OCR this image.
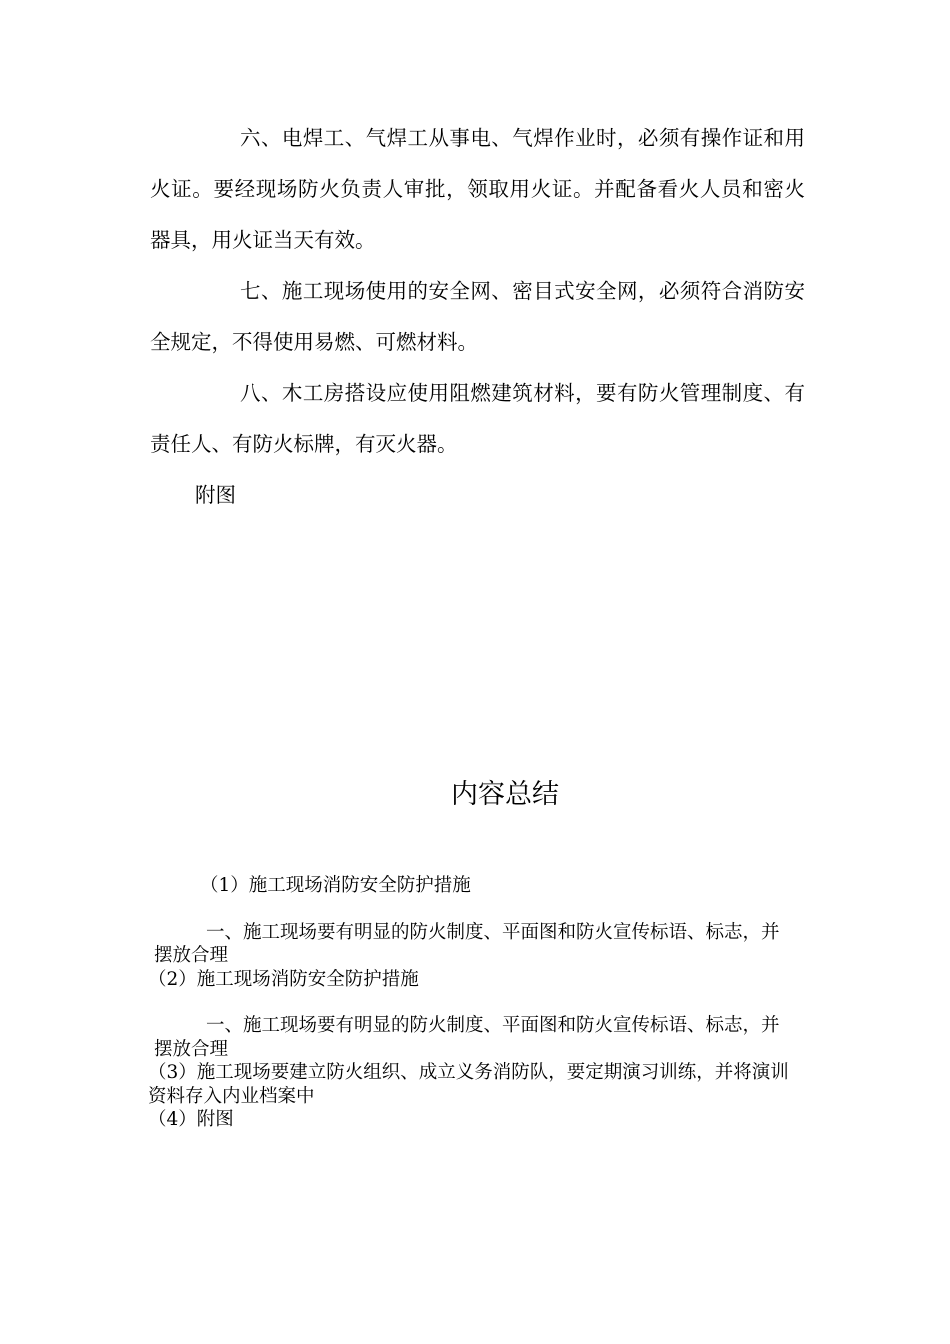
六、电焊工、气焊工从事电、气焊作业时，必须有操作证和用火证。要经现场防火负责人审批，领取用火证。并配备看火人员和密火器具，用火证当天有效。

七、施工现场使用的安全网、密目式安全网，必须符合消防安全规定，不得使用易燃、可燃材料。

八、木工房搭设应使用阻燃建筑材料，要有防火管理制度、有责任人、有防火标牌，有灭火器。

附图

内容总结

（1）施工现场消防安全防护措施

一、施工现场要有明显的防火制度、平面图和防火宣传标语、标志，并摆放合理

（2）施工现场消防安全防护措施

一、施工现场要有明显的防火制度、平面图和防火宣传标语、标志，并摆放合理

（3）施工现场要建立防火组织、成立义务消防队，要定期演习训练，并将演训资料存入内业档案中

（4）附图
